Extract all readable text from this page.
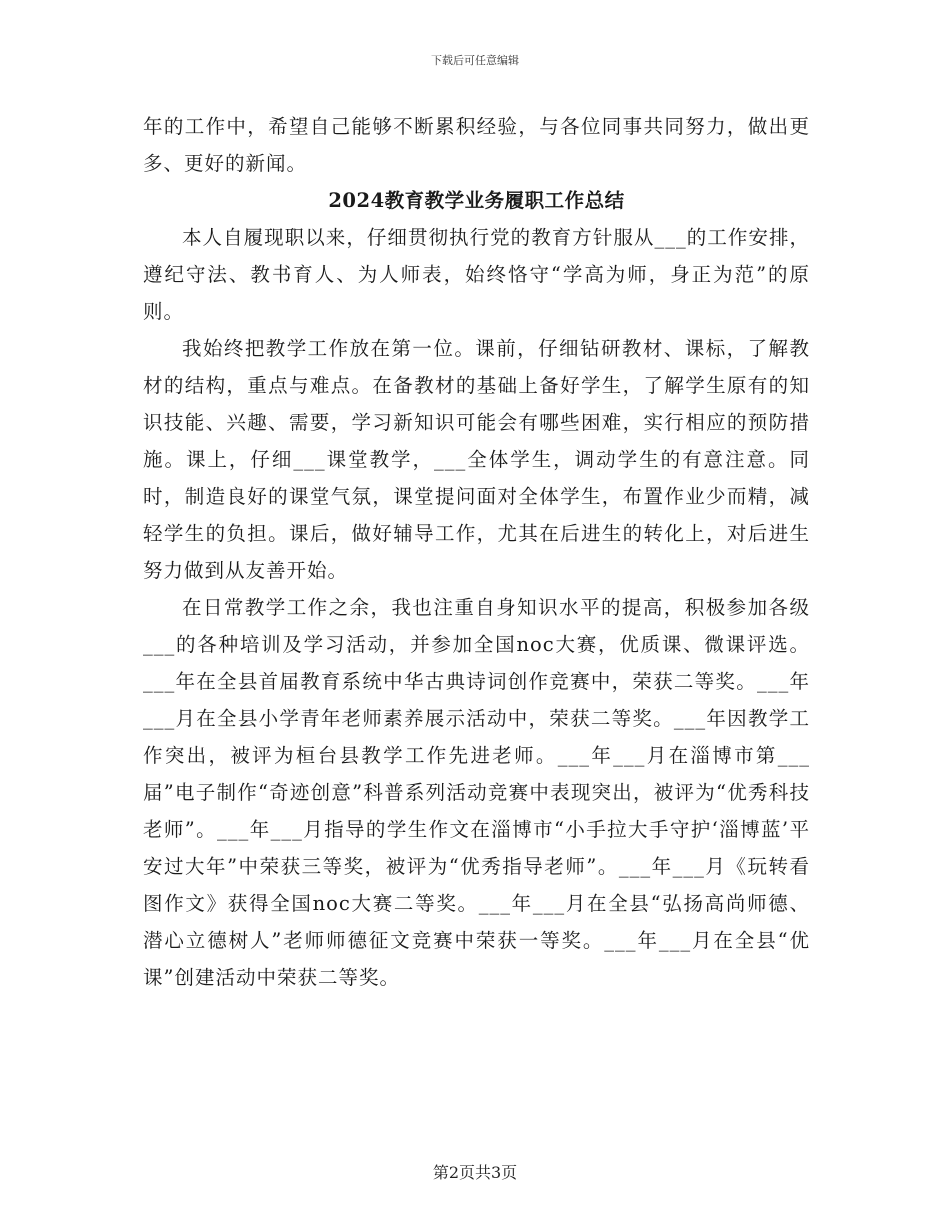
下载后可任意编辑

年的工作中，希望自己能够不断累积经验，与各位同事共同努力，做出更多、更好的新闻。

2024教育教学业务履职工作总结

本人自履现职以来，仔细贯彻执行党的教育方针服从___的工作安排，遵纪守法、教书育人、为人师表，始终恪守“学高为师，身正为范”的原则。

我始终把教学工作放在第一位。课前，仔细钻研教材、课标，了解教材的结构，重点与难点。在备教材的基础上备好学生，了解学生原有的知识技能、兴趣、需要，学习新知识可能会有哪些困难，实行相应的预防措施。课上，仔细___课堂教学，___全体学生，调动学生的有意注意。同时，制造良好的课堂气氛，课堂提问面对全体学生，布置作业少而精，减轻学生的负担。课后，做好辅导工作，尤其在后进生的转化上，对后进生努力做到从友善开始。

在日常教学工作之余，我也注重自身知识水平的提高，积极参加各级___的各种培训及学习活动，并参加全国noc大赛，优质课、微课评选。___年在全县首届教育系统中华古典诗词创作竞赛中，荣获二等奖。___年___月在全县小学青年老师素养展示活动中，荣获二等奖。___年因教学工作突出，被评为桓台县教学工作先进老师。___年___月在淄博市第___届”电子制作“奇迹创意”科普系列活动竞赛中表现突出，被评为“优秀科技老师”。___年___月指导的学生作文在淄博市“小手拉大手守护‘淄博蓝’平安过大年”中荣获三等奖，被评为“优秀指导老师”。___年___月《玩转看图作文》获得全国noc大赛二等奖。___年___月在全县“弘扬高尚师德、潜心立德树人”老师师德征文竞赛中荣获一等奖。___年___月在全县“优课”创建活动中荣获二等奖。

第2页共3页
